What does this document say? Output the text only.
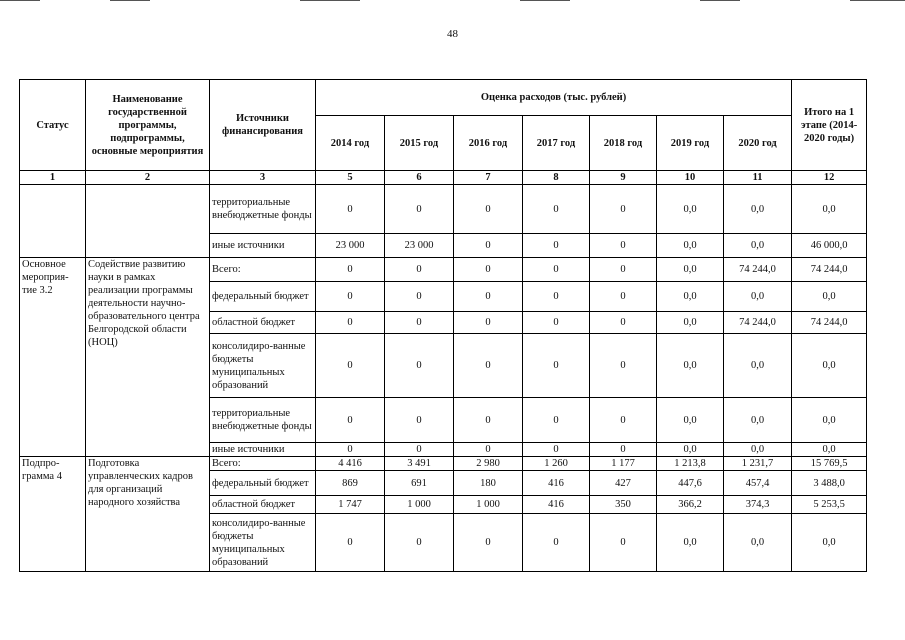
48
Статус	Наименование государственной программы, подпрограммы, основные мероприятия	Источники финансирования	Оценка расходов (тыс. рублей)							Итого на 1 этапе (2014-2020 годы)
			2014 год	2015 год	2016 год	2017 год	2018 год	2019 год	2020 год	
1	2	3	5	6	7	8	9	10	11	12
		территориальные внебюджетные фонды	0	0	0	0	0	0,0	0,0	0,0
		иные источники	23 000	23 000	0	0	0	0,0	0,0	46 000,0
Основное мероприя-тие 3.2	Содействие развитию науки в рамках реализации программы деятельности научно-образовательного центра Белгородской области (НОЦ)	Всего:	0	0	0	0	0	0,0	74 244,0	74 244,0
		федеральный бюджет	0	0	0	0	0	0,0	0,0	0,0
		областной бюджет	0	0	0	0	0	0,0	74 244,0	74 244,0
		консолидиро-ванные бюджеты муниципальных образований	0	0	0	0	0	0,0	0,0	0,0
		территориальные внебюджетные фонды	0	0	0	0	0	0,0	0,0	0,0
		иные источники	0	0	0	0	0	0,0	0,0	0,0
Подпро-грамма 4	Подготовка управленческих кадров для организаций народного хозяйства	Всего:	4 416	3 491	2 980	1 260	1 177	1 213,8	1 231,7	15 769,5
		федеральный бюджет	869	691	180	416	427	447,6	457,4	3 488,0
		областной бюджет	1 747	1 000	1 000	416	350	366,2	374,3	5 253,5
		консолидиро-ванные бюджеты муниципальных образований	0	0	0	0	0	0,0	0,0	0,0
